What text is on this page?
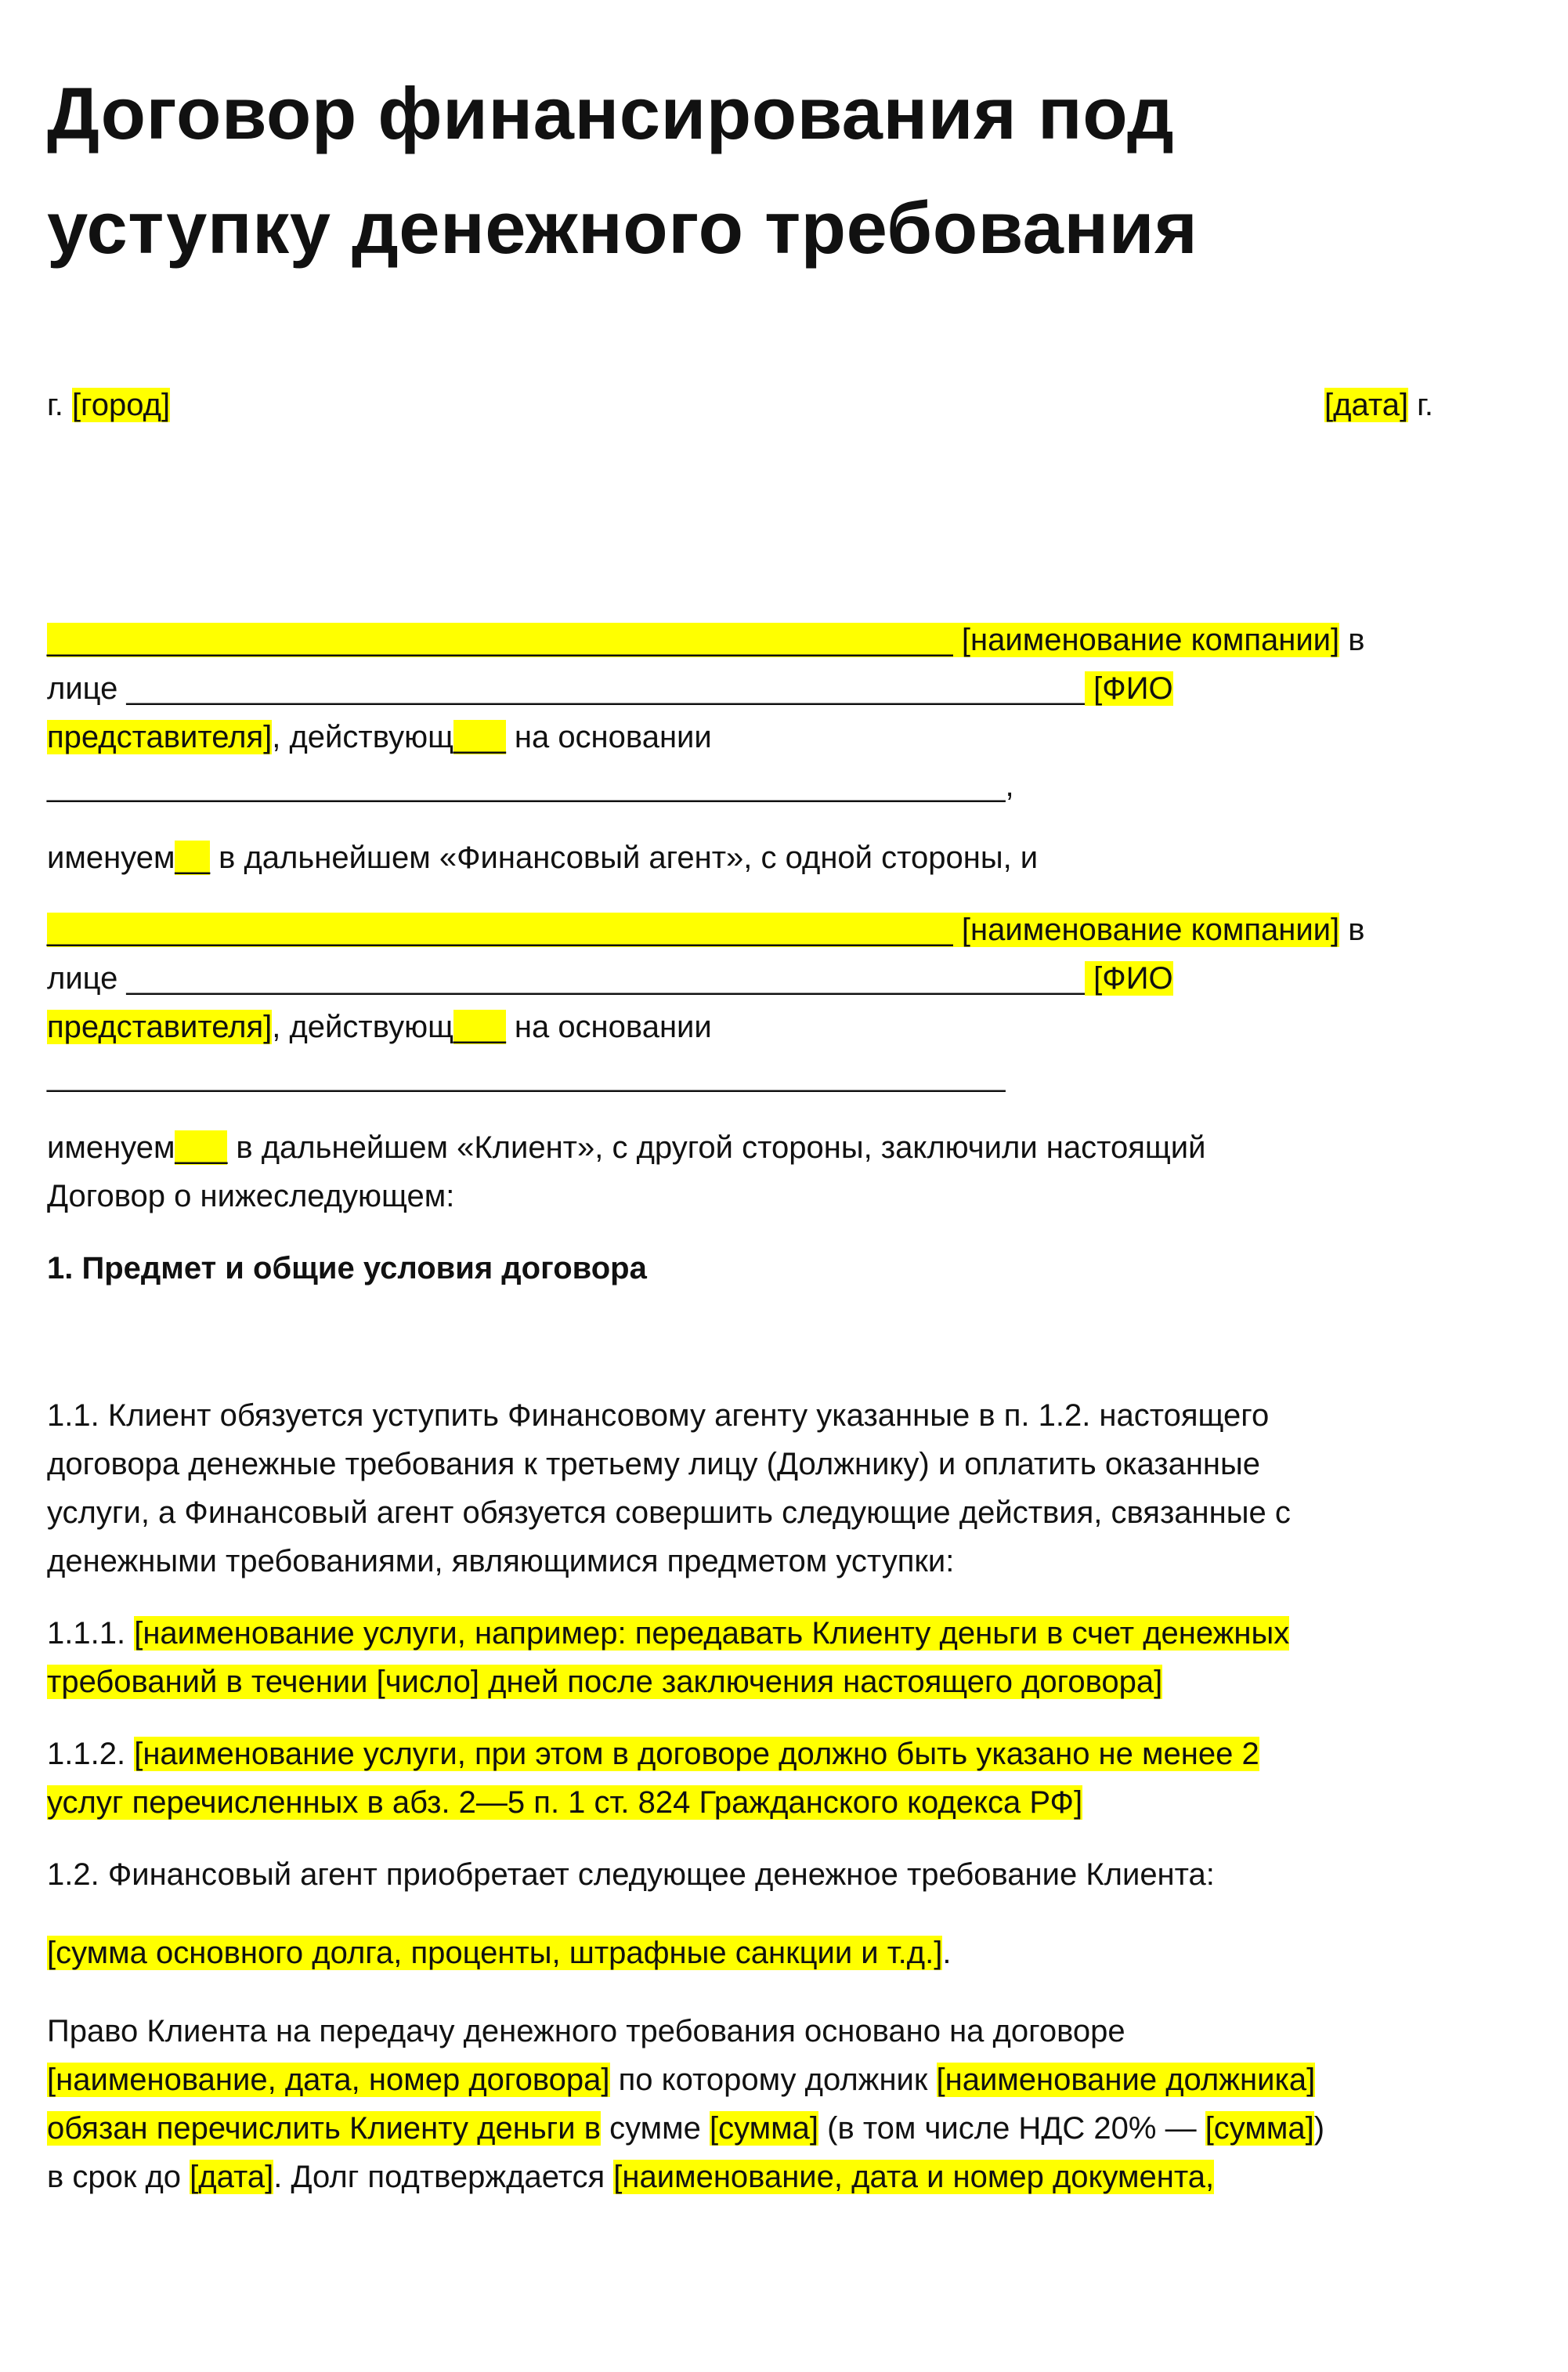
Договор финансирования под
уступку денежного требования
г. [город]	[дата] г.

____________________________________________________ [наименование компании] в

лице _______________________________________________________ [ФИО

представителя], действующ___ на основании

_______________________________________________________,

именуем__ в дальнейшем «Финансовый агент», с одной стороны, и

____________________________________________________ [наименование компании] в

лице _______________________________________________________ [ФИО

представителя], действующ___ на основании

_______________________________________________________

именуем___ в дальнейшем «Клиент», с другой стороны, заключили настоящий

Договор о нижеследующем:

1. Предмет и общие условия договора

1.1. Клиент обязуется уступить Финансовому агенту указанные в п. 1.2. настоящего

договора денежные требования к третьему лицу (Должнику) и оплатить оказанные

услуги, а Финансовый агент обязуется совершить следующие действия, связанные с

денежными требованиями, являющимися предметом уступки:

1.1.1. [наименование услуги, например: передавать Клиенту деньги в счет денежных

требований в течении [число] дней после заключения настоящего договора]

1.1.2. [наименование услуги, при этом в договоре должно быть указано не менее 2

услуг перечисленных в абз. 2—5 п. 1 ст. 824 Гражданского кодекса РФ]

1.2. Финансовый агент приобретает следующее денежное требование Клиента:

[сумма основного долга, проценты, штрафные санкции и т.д.].

Право Клиента на передачу денежного требования основано на договоре

[наименование, дата, номер договора] по которому должник [наименование должника]

обязан перечислить Клиенту деньги в сумме [сумма] (в том числе НДС 20% — [сумма])

в срок до [дата]. Долг подтверждается [наименование, дата и номер документа,
